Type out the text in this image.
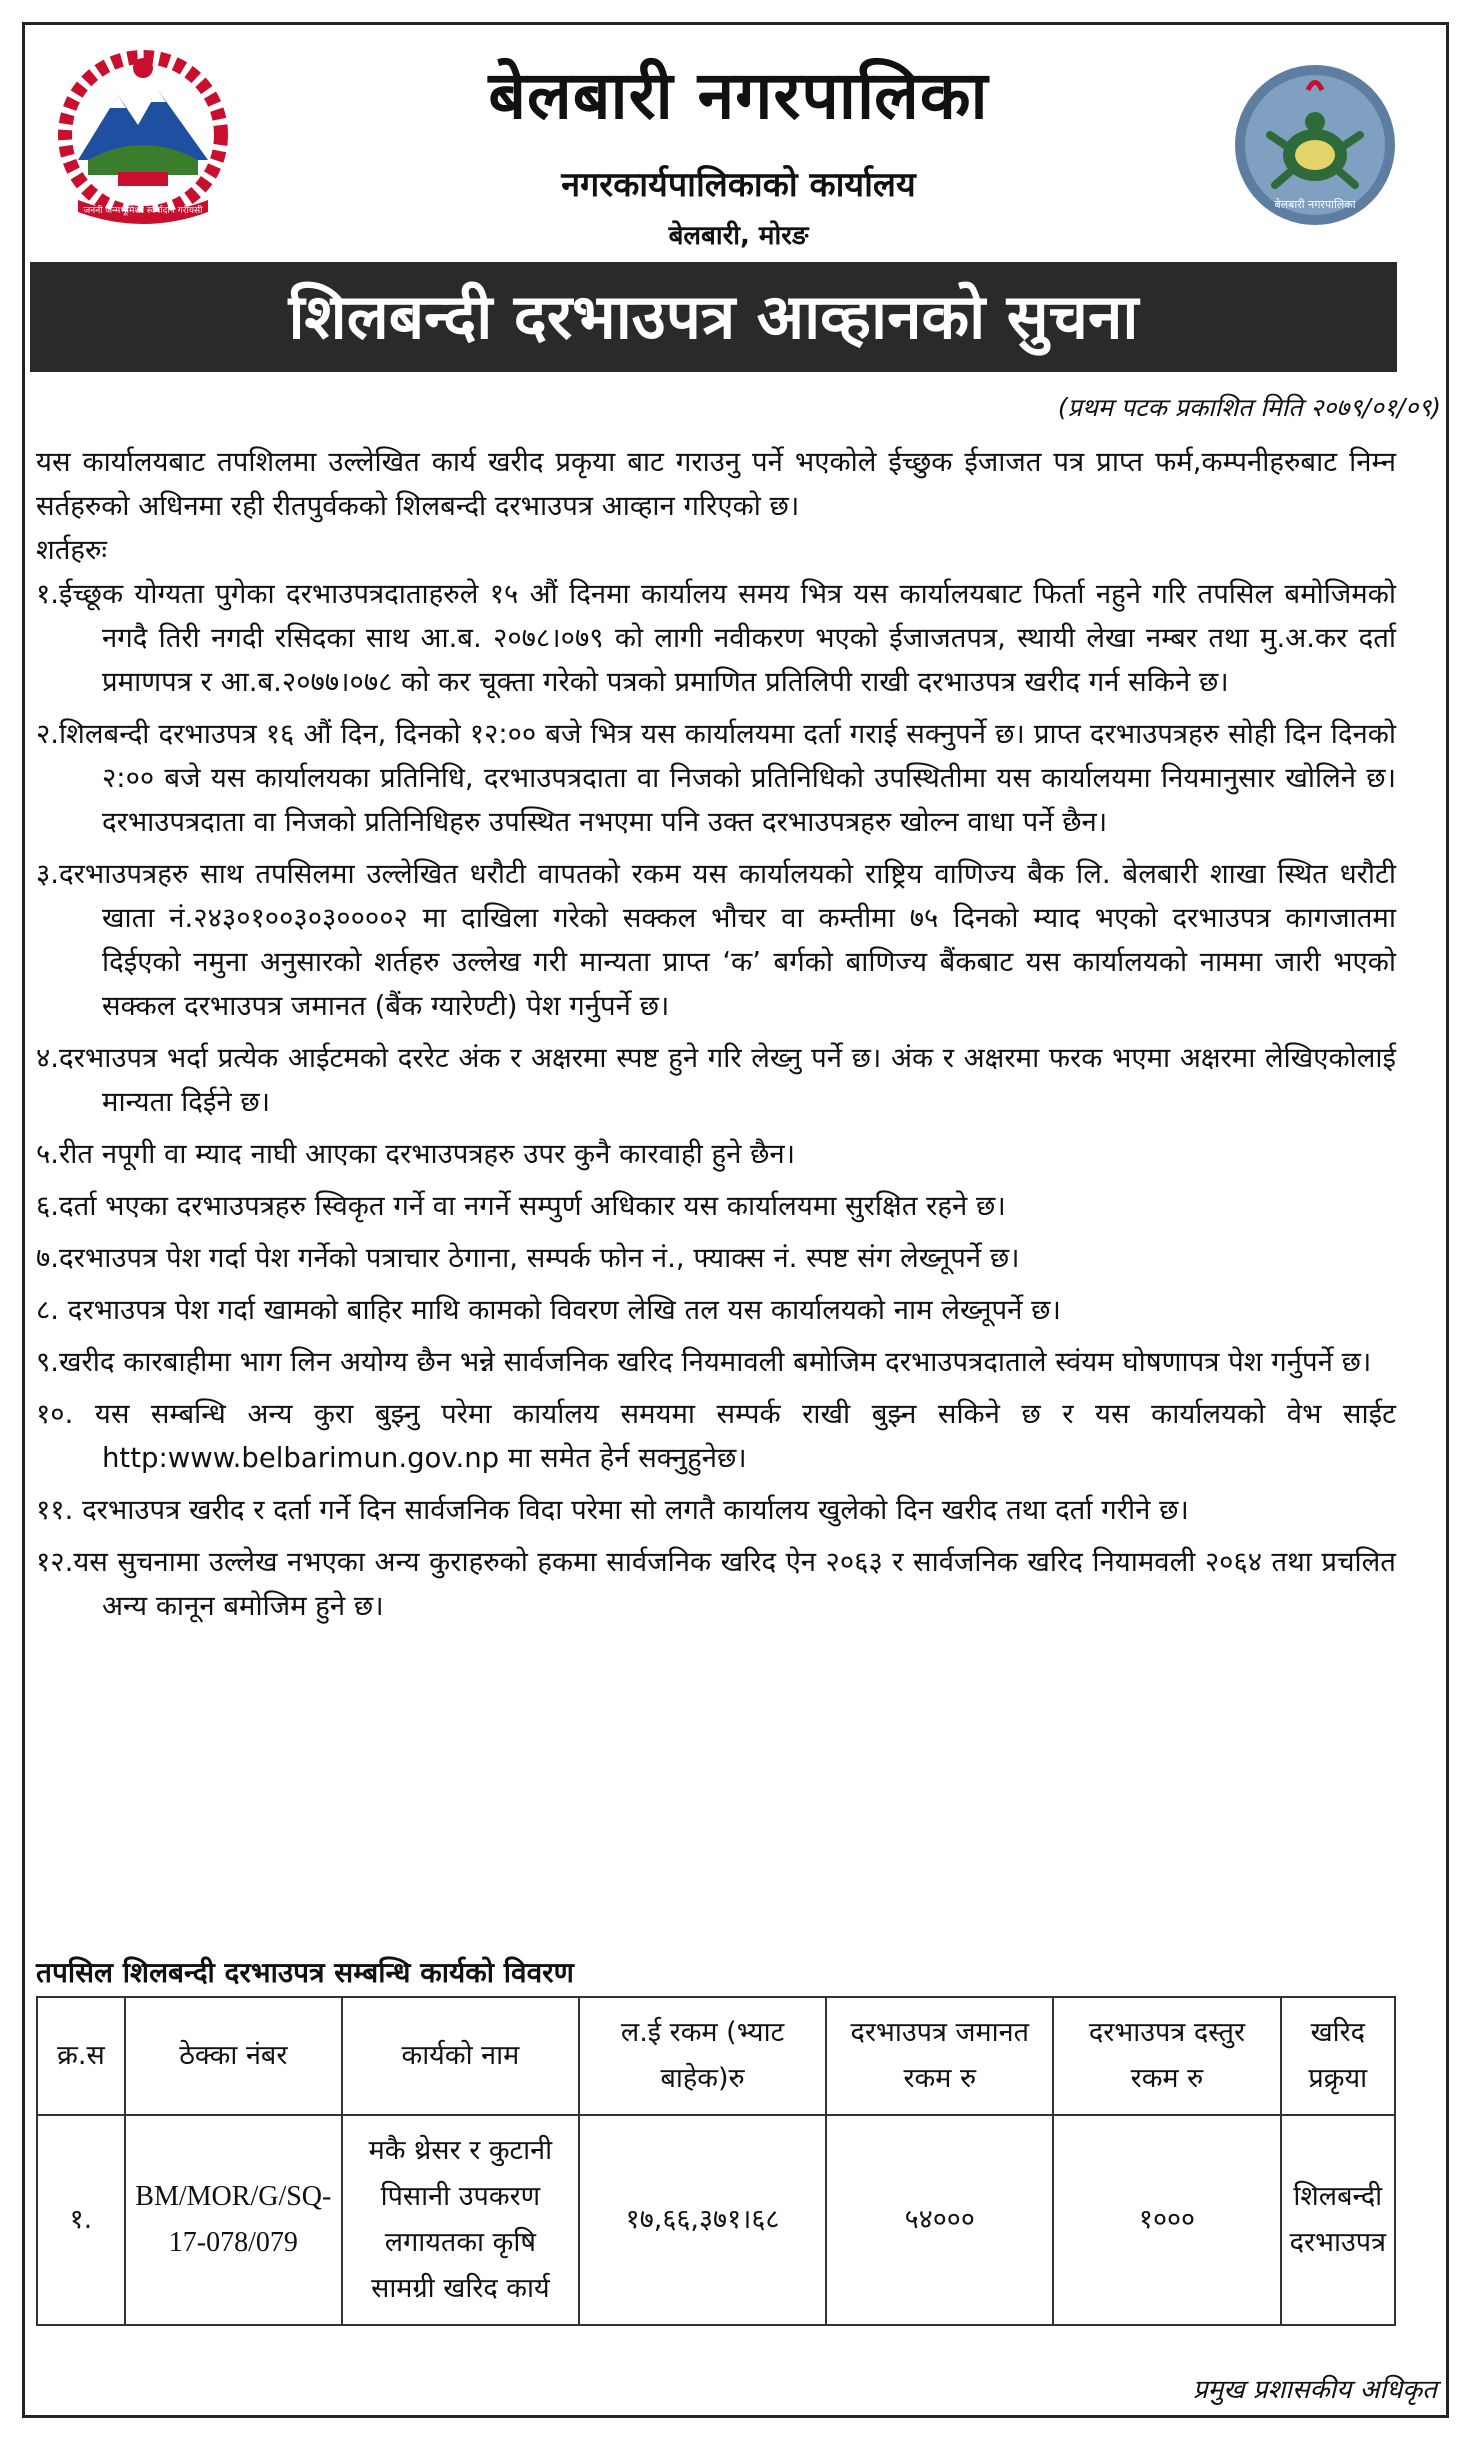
जननी जन्मभूमिश्च स्वर्गादपि गरीयसी
बेलबारी नगरपालिका
नगरकार्यपालिकाको कार्यालय
बेलबारी, मोरङ
बेलबारी नगरपालिका
शिलबन्दी दरभाउपत्र आव्हानको सुचना
(प्रथम पटक प्रकाशित मिति २०७९/०१/०९)

यस कार्यालयबाट तपशिलमा उल्लेखित कार्य खरीद प्रकृया बाट गराउनु पर्ने भएकोले ईच्छुक ईजाजत पत्र प्राप्त फर्म,कम्पनीहरुबाट निम्न सर्तहरुको अधिनमा रही रीतपुर्वकको शिलबन्दी दरभाउपत्र आव्हान गरिएको छ।

शर्तहरुः

१.ईच्छूक योग्यता पुगेका दरभाउपत्रदाताहरुले १५ औं दिनमा कार्यालय समय भित्र यस कार्यालयबाट फिर्ता नहुने गरि तपसिल बमोजिमको नगदै तिरी नगदी रसिदका साथ आ.ब. २०७८।०७९ को लागी नवीकरण भएको ईजाजतपत्र, स्थायी लेखा नम्बर तथा मु.अ.कर दर्ता प्रमाणपत्र र आ.ब.२०७७।०७८ को कर चूक्ता गरेको पत्रको प्रमाणित प्रतिलिपी राखी दरभाउपत्र खरीद गर्न सकिने छ।

२.शिलबन्दी दरभाउपत्र १६ औं दिन, दिनको १२:०० बजे भित्र यस कार्यालयमा दर्ता गराई सक्नुपर्ने छ। प्राप्त दरभाउपत्रहरु सोही दिन दिनको २:०० बजे यस कार्यालयका प्रतिनिधि, दरभाउपत्रदाता वा निजको प्रतिनिधिको उपस्थितीमा यस कार्यालयमा नियमानुसार खोलिने छ। दरभाउपत्रदाता वा निजको प्रतिनिधिहरु उपस्थित नभएमा पनि उक्त दरभाउपत्रहरु खोल्न वाधा पर्ने छैन।

३.दरभाउपत्रहरु साथ तपसिलमा उल्लेखित धरौटी वापतको रकम यस कार्यालयको राष्ट्रिय वाणिज्य बैक लि. बेलबारी शाखा स्थित धरौटी खाता नं.२४३०१००३०३००००२ मा दाखिला गरेको सक्कल भौचर वा कम्तीमा ७५ दिनको म्याद भएको दरभाउपत्र कागजातमा दिईएको नमुना अनुसारको शर्तहरु उल्लेख गरी मान्यता प्राप्त ‘क’ बर्गको बाणिज्य बैंकबाट यस कार्यालयको नाममा जारी भएको सक्कल दरभाउपत्र जमानत (बैंक ग्यारेण्टी) पेश गर्नुपर्ने छ।

४.दरभाउपत्र भर्दा प्रत्येक आईटमको दररेट अंक र अक्षरमा स्पष्ट हुने गरि लेख्नु पर्ने छ। अंक र अक्षरमा फरक भएमा अक्षरमा लेखिएकोलाई मान्यता दिईने छ।

५.रीत नपूगी वा म्याद नाघी आएका दरभाउपत्रहरु उपर कुनै कारवाही हुने छैन।

६.दर्ता भएका दरभाउपत्रहरु स्विकृत गर्ने वा नगर्ने सम्पुर्ण अधिकार यस कार्यालयमा सुरक्षित रहने छ।

७.दरभाउपत्र पेश गर्दा पेश गर्नेको पत्राचार ठेगाना, सम्पर्क फोन नं., फ्याक्स नं. स्पष्ट संग लेख्नूपर्ने छ।

८. दरभाउपत्र पेश गर्दा खामको बाहिर माथि कामको विवरण लेखि तल यस कार्यालयको नाम लेख्नूपर्ने छ।

९.खरीद कारबाहीमा भाग लिन अयोग्य छैन भन्ने सार्वजनिक खरिद नियमावली बमोजिम दरभाउपत्रदाताले स्वंयम घोषणापत्र पेश गर्नुपर्ने छ।

१०. यस सम्बन्धि अन्य कुरा बुझ्नु परेमा कार्यालय समयमा सम्पर्क राखी बुझ्न सकिने छ र यस कार्यालयको वेभ साईट http:www.belbarimun.gov.np मा समेत हेर्न सक्नुहुनेछ।

११. दरभाउपत्र खरीद र दर्ता गर्ने दिन सार्वजनिक विदा परेमा सो लगतै कार्यालय खुलेको दिन खरीद तथा दर्ता गरीने छ।

१२.यस सुचनामा उल्लेख नभएका अन्य कुराहरुको हकमा सार्वजनिक खरिद ऐन २०६३ र सार्वजनिक खरिद नियामवली २०६४ तथा प्रचलित अन्य कानून बमोजिम हुने छ।

तपसिल शिलबन्दी दरभाउपत्र सम्बन्धि कार्यको विवरण
क्र.स	ठेक्का नंबर	कार्यको नाम	ल.ई रकम (भ्याट बाहेक)रु	दरभाउपत्र जमानत रकम रु	दरभाउपत्र दस्तुर रकम रु	खरिद प्रक्रृया
१.	BM/MOR/G/SQ-17-078/079	मकै थ्रेसर र कुटानी पिसानी उपकरण लगायतका कृषि सामग्री खरिद कार्य	१७,६६,३७१।६८	५४०००	१०००	शिलबन्दी दरभाउपत्र
प्रमुख प्रशासकीय अधिकृत
